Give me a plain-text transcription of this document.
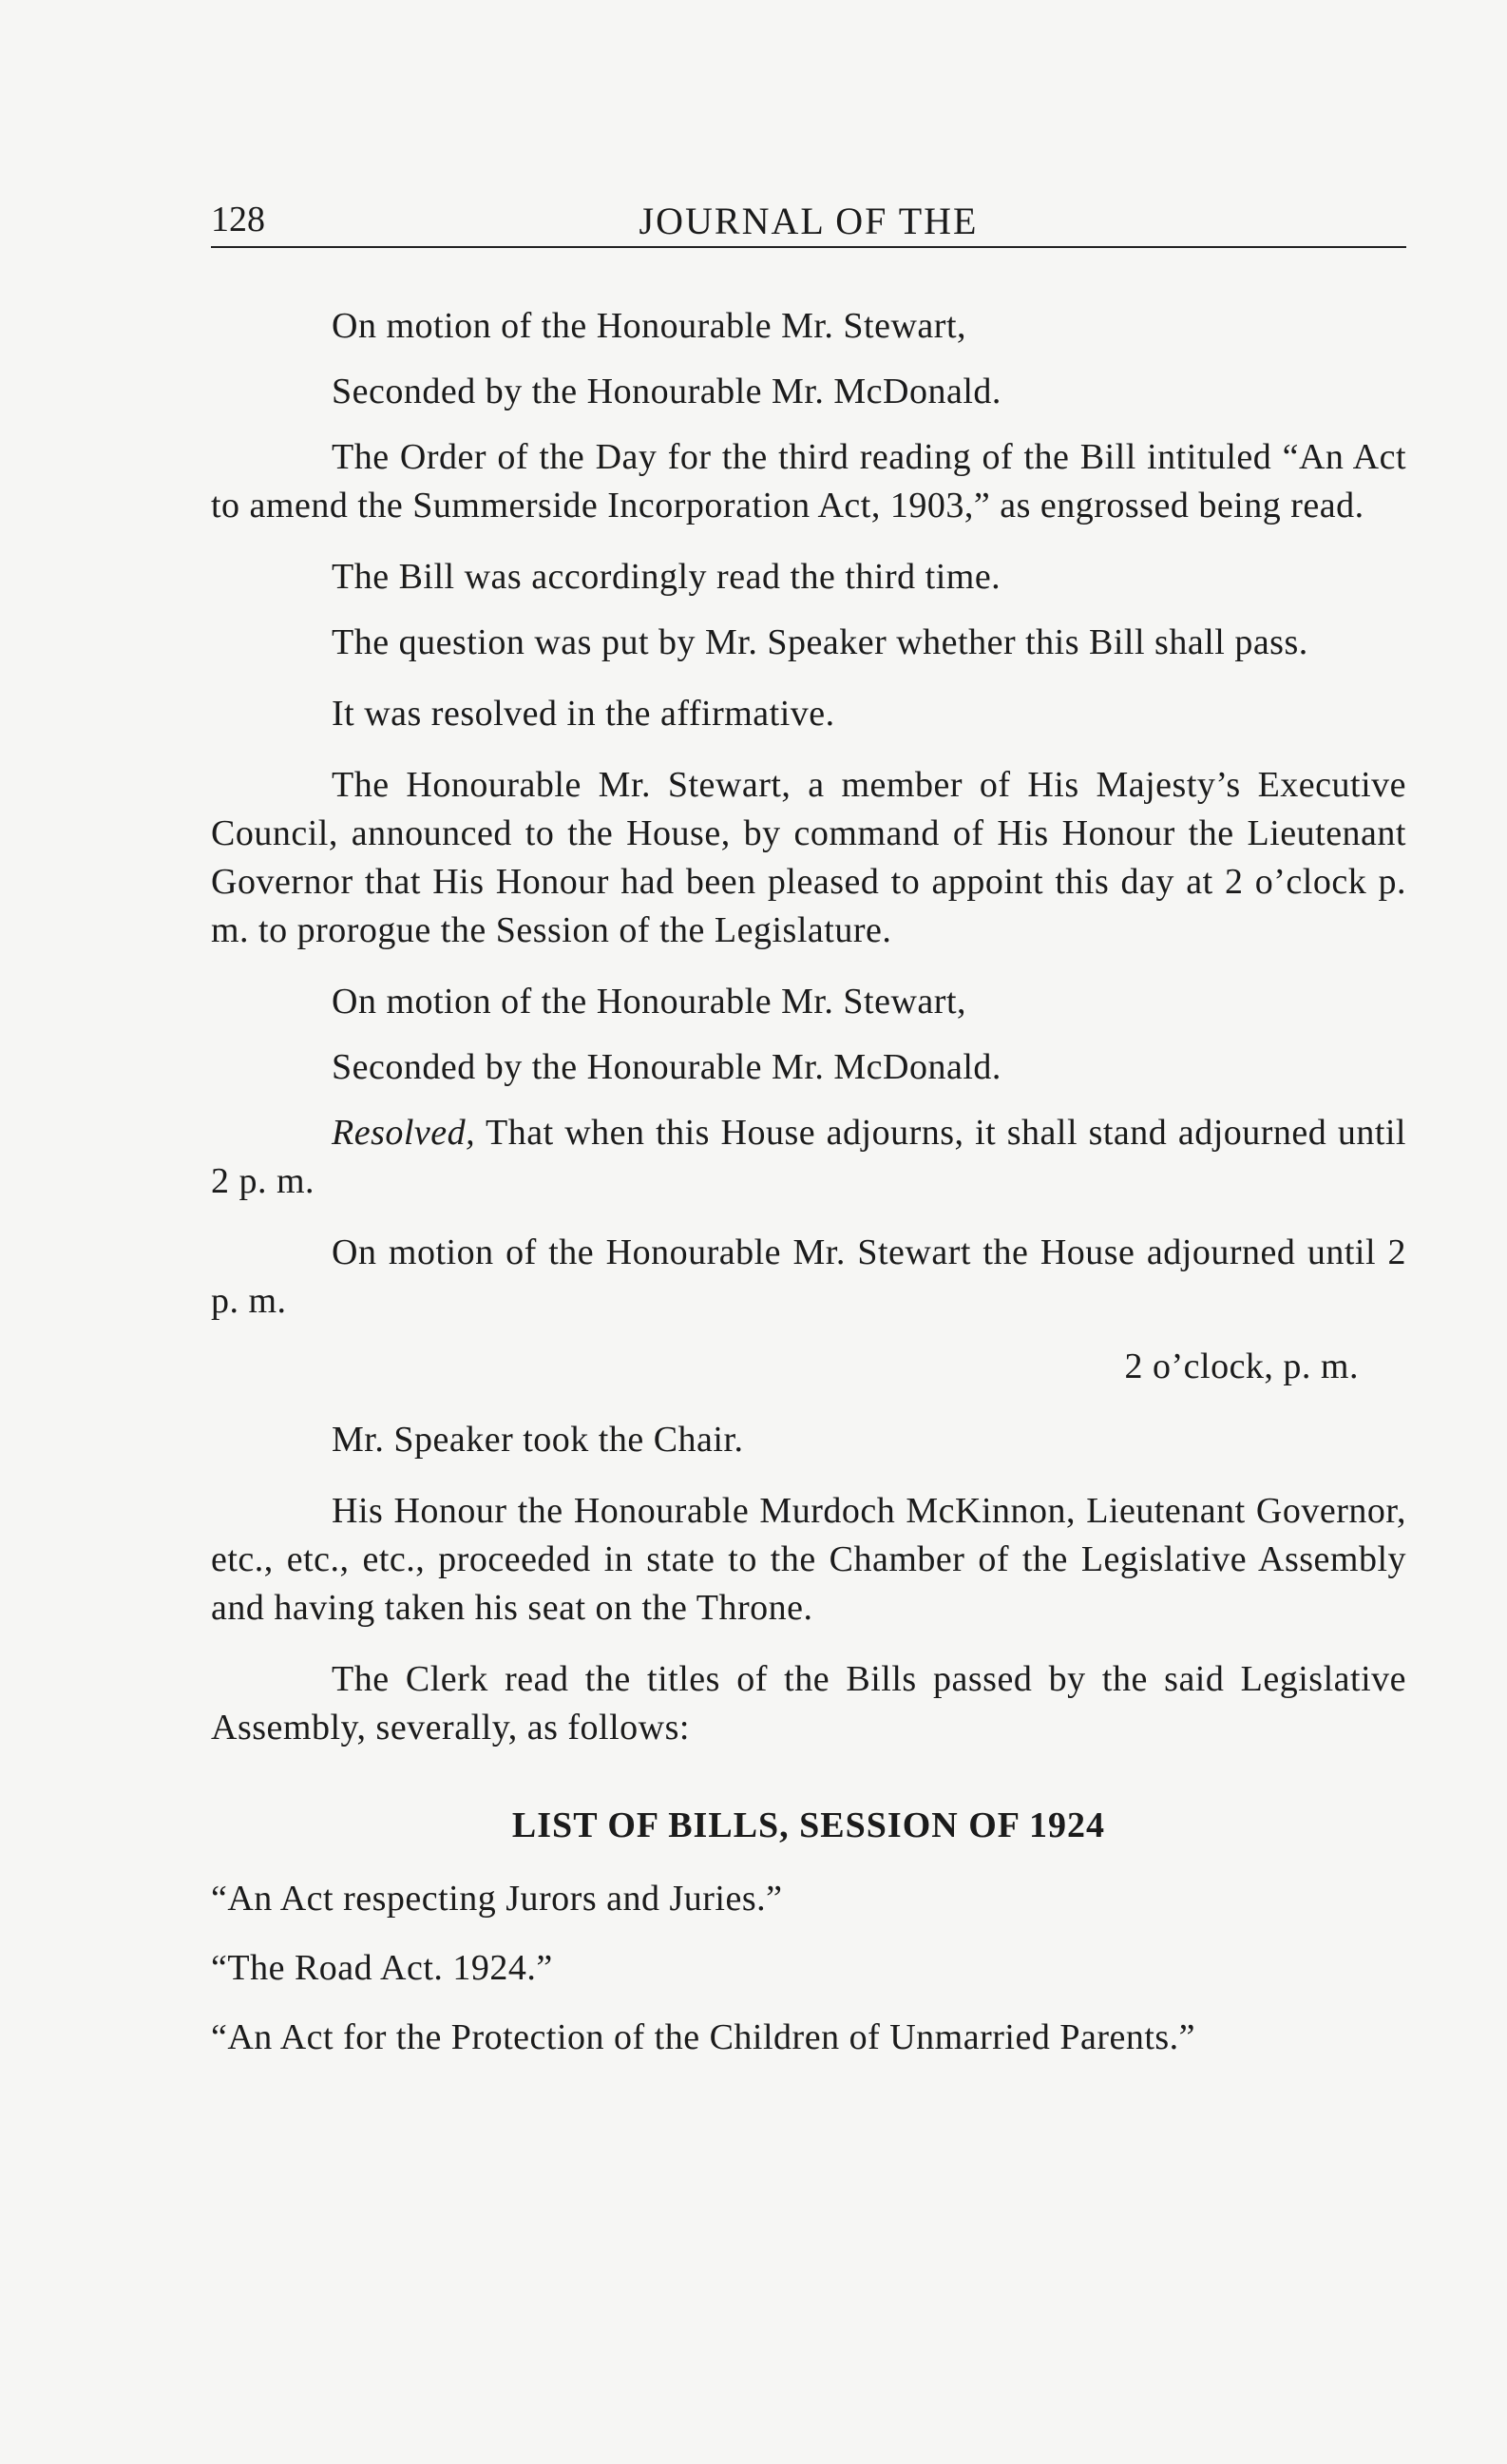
128	JOURNAL OF THE

On motion of the Honourable Mr. Stewart,

Seconded by the Honourable Mr. McDonald.

The Order of the Day for the third reading of the Bill intituled “An Act to amend the Summerside Incorporation Act, 1903,” as engrossed being read.

The Bill was accordingly read the third time.

The question was put by Mr. Speaker whether this Bill shall pass.

It was resolved in the affirmative.

The Honourable Mr. Stewart, a member of His Majesty’s Executive Council, announced to the House, by command of His Honour the Lieutenant Governor that His Honour had been pleased to appoint this day at 2 o’clock p. m. to prorogue the Session of the Legislature.

On motion of the Honourable Mr. Stewart,

Seconded by the Honourable Mr. McDonald.

Resolved, That when this House adjourns, it shall stand adjourned until 2 p. m.

On motion of the Honourable Mr. Stewart the House adjourned until 2 p. m.

2 o’clock, p. m.

Mr. Speaker took the Chair.

His Honour the Honourable Murdoch McKinnon, Lieutenant Governor, etc., etc., etc., proceeded in state to the Chamber of the Legislative Assembly and having taken his seat on the Throne.

The Clerk read the titles of the Bills passed by the said Legislative Assembly, severally, as follows:

LIST OF BILLS, SESSION OF 1924

“An Act respecting Jurors and Juries.”

“The Road Act. 1924.”

“An Act for the Protection of the Children of Unmarried Parents.”
